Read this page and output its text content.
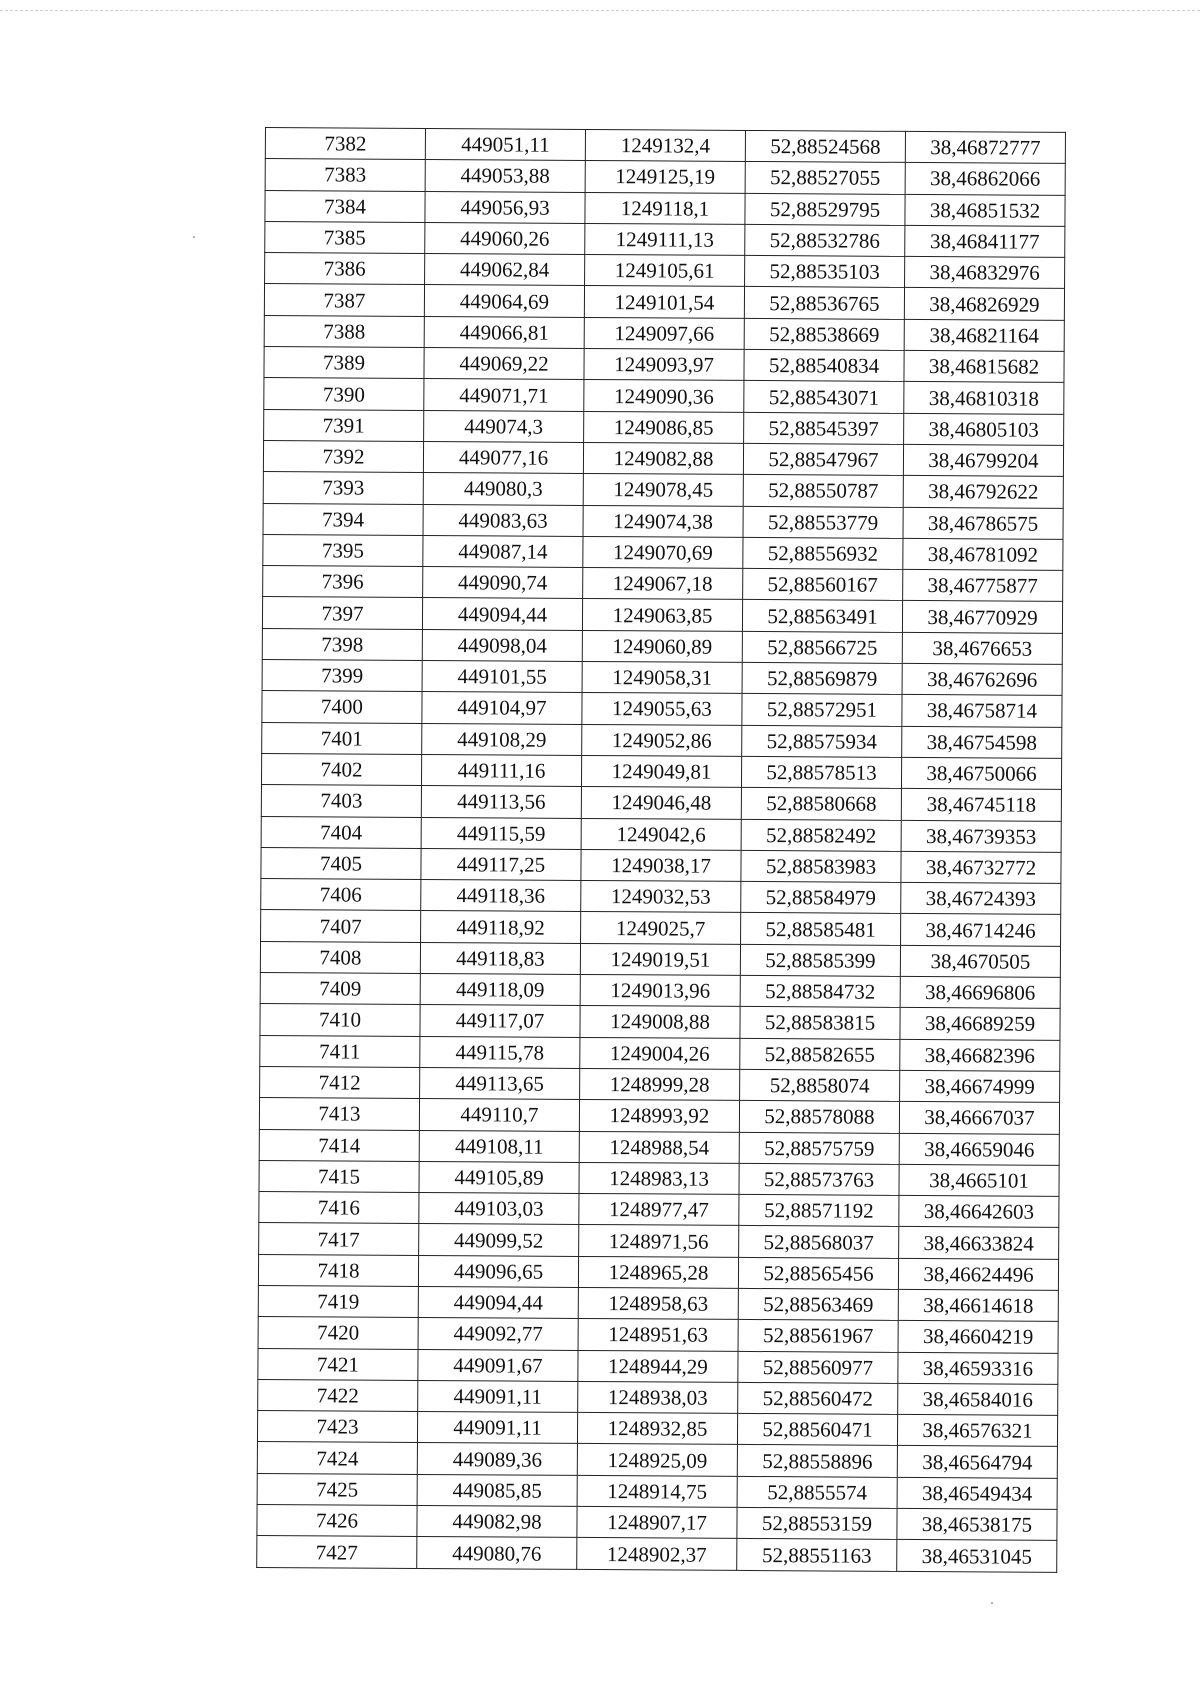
7382	449051,11	1249132,4	52,88524568	38,46872777
7383	449053,88	1249125,19	52,88527055	38,46862066
7384	449056,93	1249118,1	52,88529795	38,46851532
7385	449060,26	1249111,13	52,88532786	38,46841177
7386	449062,84	1249105,61	52,88535103	38,46832976
7387	449064,69	1249101,54	52,88536765	38,46826929
7388	449066,81	1249097,66	52,88538669	38,46821164
7389	449069,22	1249093,97	52,88540834	38,46815682
7390	449071,71	1249090,36	52,88543071	38,46810318
7391	449074,3	1249086,85	52,88545397	38,46805103
7392	449077,16	1249082,88	52,88547967	38,46799204
7393	449080,3	1249078,45	52,88550787	38,46792622
7394	449083,63	1249074,38	52,88553779	38,46786575
7395	449087,14	1249070,69	52,88556932	38,46781092
7396	449090,74	1249067,18	52,88560167	38,46775877
7397	449094,44	1249063,85	52,88563491	38,46770929
7398	449098,04	1249060,89	52,88566725	38,4676653
7399	449101,55	1249058,31	52,88569879	38,46762696
7400	449104,97	1249055,63	52,88572951	38,46758714
7401	449108,29	1249052,86	52,88575934	38,46754598
7402	449111,16	1249049,81	52,88578513	38,46750066
7403	449113,56	1249046,48	52,88580668	38,46745118
7404	449115,59	1249042,6	52,88582492	38,46739353
7405	449117,25	1249038,17	52,88583983	38,46732772
7406	449118,36	1249032,53	52,88584979	38,46724393
7407	449118,92	1249025,7	52,88585481	38,46714246
7408	449118,83	1249019,51	52,88585399	38,4670505
7409	449118,09	1249013,96	52,88584732	38,46696806
7410	449117,07	1249008,88	52,88583815	38,46689259
7411	449115,78	1249004,26	52,88582655	38,46682396
7412	449113,65	1248999,28	52,8858074	38,46674999
7413	449110,7	1248993,92	52,88578088	38,46667037
7414	449108,11	1248988,54	52,88575759	38,46659046
7415	449105,89	1248983,13	52,88573763	38,4665101
7416	449103,03	1248977,47	52,88571192	38,46642603
7417	449099,52	1248971,56	52,88568037	38,46633824
7418	449096,65	1248965,28	52,88565456	38,46624496
7419	449094,44	1248958,63	52,88563469	38,46614618
7420	449092,77	1248951,63	52,88561967	38,46604219
7421	449091,67	1248944,29	52,88560977	38,46593316
7422	449091,11	1248938,03	52,88560472	38,46584016
7423	449091,11	1248932,85	52,88560471	38,46576321
7424	449089,36	1248925,09	52,88558896	38,46564794
7425	449085,85	1248914,75	52,8855574	38,46549434
7426	449082,98	1248907,17	52,88553159	38,46538175
7427	449080,76	1248902,37	52,88551163	38,46531045
